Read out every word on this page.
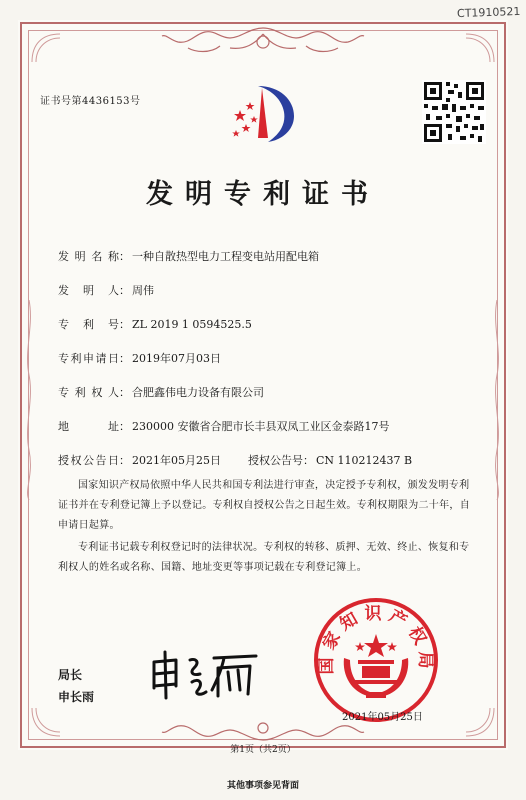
CT1910521
证书号第4436153号
发明专利证书
发明名称： 一种自散热型电力工程变电站用配电箱
发明人： 周伟
专利号： ZL 2019 1 0594525.5
专利申请日： 2019年07月03日
专利权人： 合肥鑫伟电力设备有限公司
地址： 230000 安徽省合肥市长丰县双凤工业区金泰路17号
授权公告日： 2021年05月25日 授权公告号： CN 110212437 B
国家知识产权局依照中华人民共和国专利法进行审查，决定授予专利权，颁发发明专利证书并在专利登记簿上予以登记。专利权自授权公告之日起生效。专利权期限为二十年，自申请日起算。
专利证书记载专利权登记时的法律状况。专利权的转移、质押、无效、终止、恢复和专利权人的姓名或名称、国籍、地址变更等事项记载在专利登记簿上。
局长
申长雨
国家知识产权局
2021年05月25日
第1页（共2页）
其他事项参见背面
